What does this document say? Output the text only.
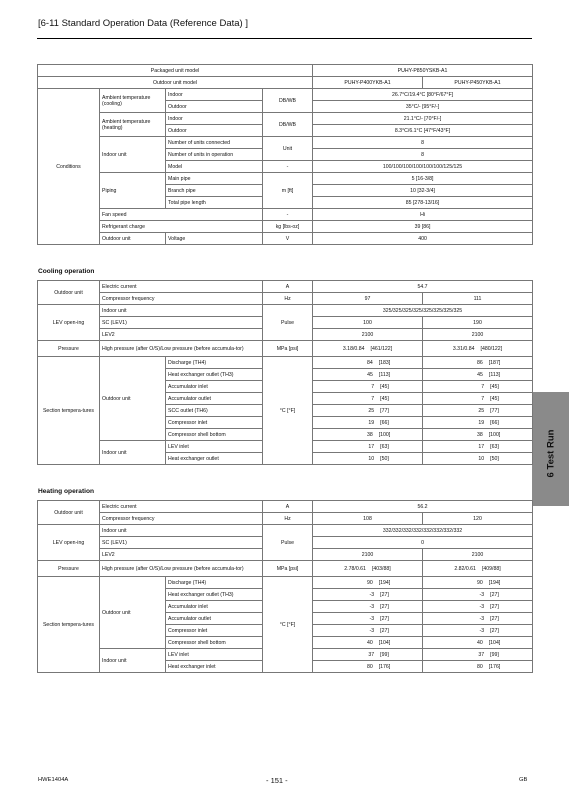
[6-11 Standard Operation Data (Reference Data) ]
6 Test Run
Packaged unit model				PUHY-P850YSKB-A1	
Outdoor unit model				PUHY-P400YKB-A1	PUHY-P450YKB-A1
Conditions	Ambient temperature (cooling)	Indoor	DB/WB	26.7°C/19.4°C [80°F/67°F]	
		Outdoor		35°C/- [95°F/-]	
	Ambient temperature (heating)	Indoor	DB/WB	21.1°C/- [70°F/-]	
		Outdoor		8.3°C/6.1°C [47°F/43°F]	
	Indoor unit	Number of units connected	Unit	8	
		Number of units in operation		8	
		Model	-	100/100/100/100/100/100/125/125	
	Piping	Main pipe	m [ft]	5 [16-3/8]	
		Branch pipe		10 [32-3/4]	
		Total pipe length		85 [278-13/16]	
	Fan speed		-	Hi	
	Refrigerant charge		kg [lbs-oz]	39 [86]	
	Outdoor unit	Voltage	V	400	
Cooling operation
Outdoor unit	Electric current		A	54.7	
	Compressor frequency		Hz	97	111
LEV open-ing	Indoor unit		Pulse	325/325/325/325/325/325/325/325	
	SC (LEV1)			100	190
	LEV2			2100	2100
Pressure	High pressure (after O/S)/Low pressure (before accumula-tor)		MPa [psi]	3.18/0.84 [461/122]	3.31/0.84 [480/122]
Section tempera-tures	Outdoor unit	Discharge (TH4)	°C [°F]	84 [183]	86 [187]
		Heat exchanger outlet (TH3)		45 [113]	45 [113]
		Accumulator inlet		7 [45]	7 [45]
		Accumulator outlet		7 [45]	7 [45]
		SCC outlet (TH6)		25 [77]	25 [77]
		Compressor inlet		19 [66]	19 [66]
		Compressor shell bottom		38 [100]	38 [100]
	Indoor unit	LEV inlet		17 [63]	17 [63]
		Heat exchanger outlet		10 [50]	10 [50]
Heating operation
Outdoor unit	Electric current		A	56.2	
	Compressor frequency		Hz	108	120
LEV open-ing	Indoor unit		Pulse	332/332/332/332/332/332/332/332	
	SC (LEV1)			0	
	LEV2			2100	2100
Pressure	High pressure (after O/S)/Low pressure (before accumula-tor)		MPa [psi]	2.78/0.61 [403/88]	2.82/0.61 [409/88]
Section tempera-tures	Outdoor unit	Discharge (TH4)	°C [°F]	90 [194]	90 [194]
		Heat exchanger outlet (TH3)		-3 [27]	-3 [27]
		Accumulator inlet		-3 [27]	-3 [27]
		Accumulator outlet		-3 [27]	-3 [27]
		Compressor inlet		-3 [27]	-3 [27]
		Compressor shell bottom		40 [104]	40 [104]
	Indoor unit	LEV inlet		37 [99]	37 [99]
		Heat exchanger inlet		80 [176]	80 [176]
HWE1404A	- 151 -	GB
